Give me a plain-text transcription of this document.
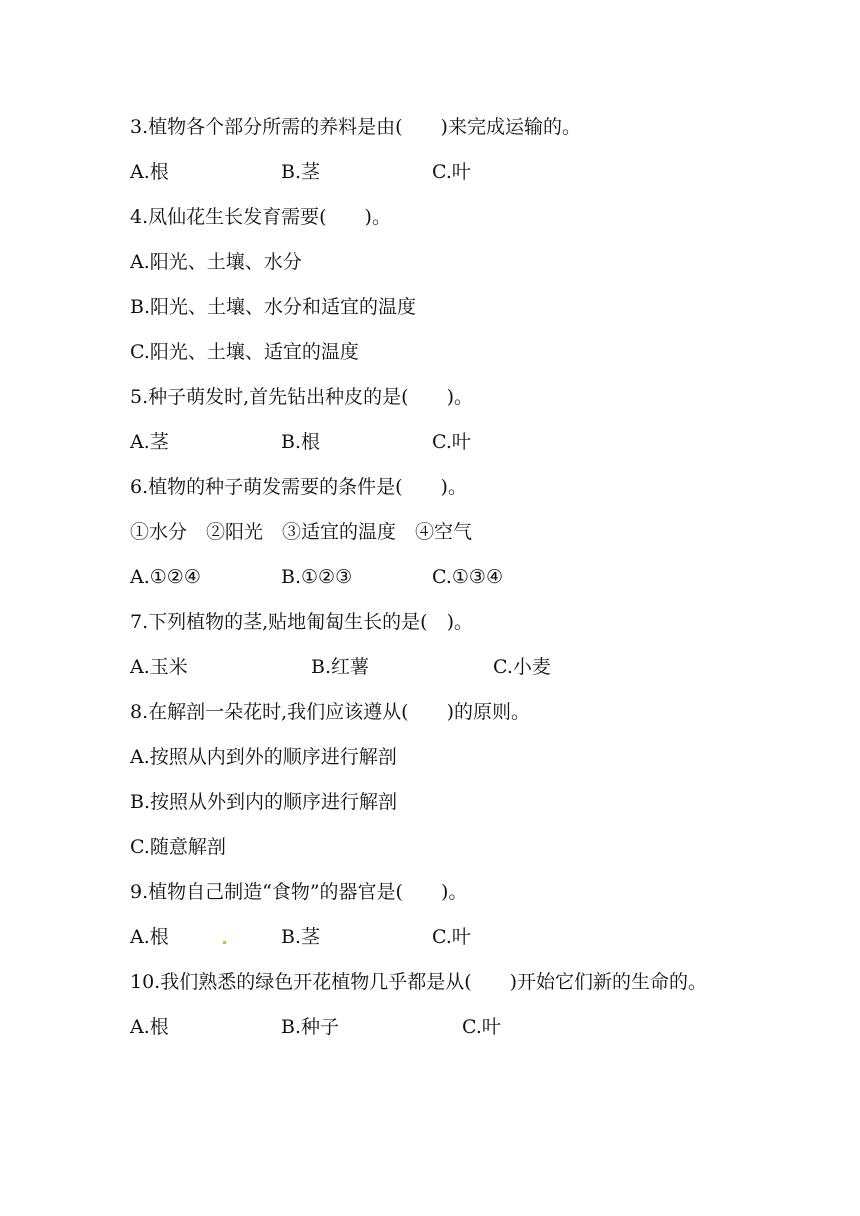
3.植物各个部分所需的养料是由(　　)来完成运输的。
A.根	B.茎	C.叶
4.凤仙花生长发育需要(　　)。
A.阳光、土壤、水分
B.阳光、土壤、水分和适宜的温度
C.阳光、土壤、适宜的温度
5.种子萌发时,首先钻出种皮的是(　　)。
A.茎	B.根	C.叶
6.植物的种子萌发需要的条件是(　　)。
①水分　②阳光　③适宜的温度　④空气
A.①②④	B.①②③	C.①③④
7.下列植物的茎,贴地匍匐生长的是(　)。
A.玉米	B.红薯	C.小麦
8.在解剖一朵花时,我们应该遵从(　　)的原则。
A.按照从内到外的顺序进行解剖
B.按照从外到内的顺序进行解剖
C.随意解剖
9.植物自己制造“食物”的器官是(　　)。
A.根	B.茎	C.叶
10.我们熟悉的绿色开花植物几乎都是从(　　)开始它们新的生命的。
A.根	B.种子	C.叶
